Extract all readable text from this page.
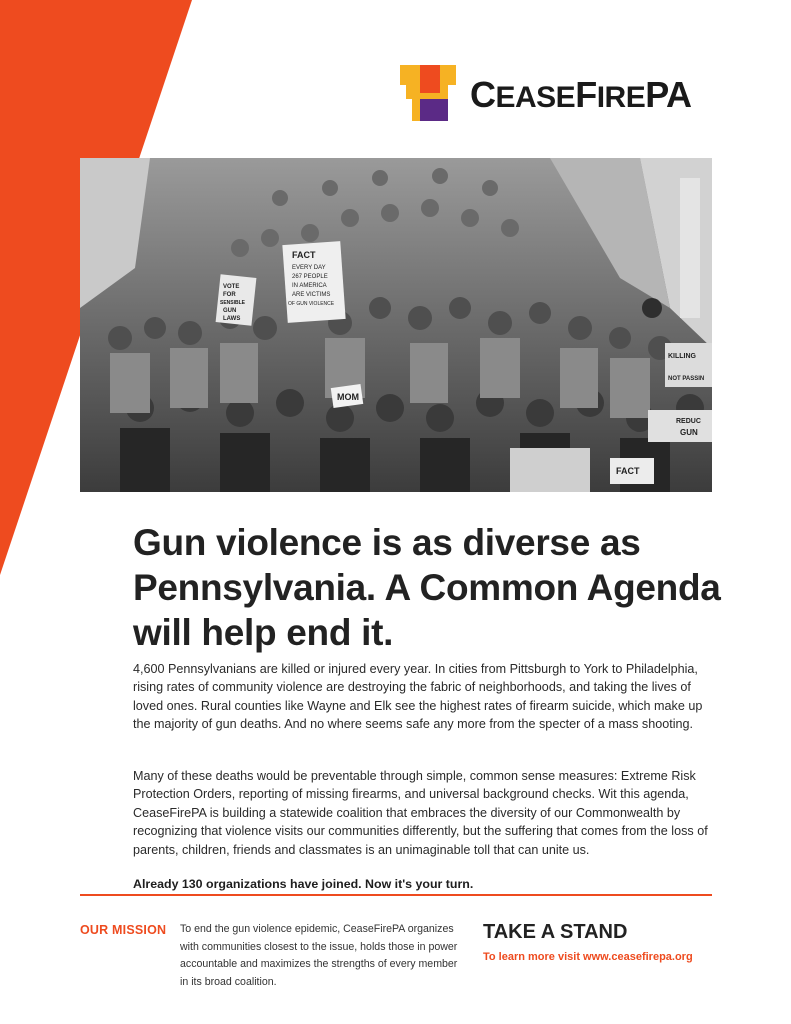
CEASEFIREPA
FACT
EVERY DAY
267 PEOPLE
IN AMERICA
ARE VICTIMS
OF GUN VIOLENCE
VOTE
FOR
SENSIBLE
GUN
LAWS
MOM
FACT
KILLING
NOT PASSIN
REDUC
GUN
Gun violence is as diverse as Pennsylvania. A Common Agenda will help end it.

4,600 Pennsylvanians are killed or injured every year. In cities from Pittsburgh to York to Philadelphia, rising rates of community violence are destroying the fabric of neighborhoods, and taking the lives of loved ones. Rural counties like Wayne and Elk see the highest rates of firearm suicide, which make up the majority of gun deaths. And no where seems safe any more from the specter of a mass shooting.

Many of these deaths would be preventable through simple, common sense measures: Extreme Risk Protection Orders, reporting of missing firearms, and universal background checks. Wit this agenda, CeaseFirePA is building a statewide coalition that embraces the diversity of our Commonwealth by recognizing that violence visits our communities differently, but the suffering that comes from the loss of parents, children, friends and classmates is an unimaginable toll that can unite us.

Already 130 organizations have joined. Now it's your turn.

OUR MISSION To end the gun violence epidemic, CeaseFirePA organizes with communities closest to the issue, holds those in power accountable and maximizes the strengths of every member in its broad coalition.

TAKE A STAND
To learn more visit www.ceasefirepa.org
